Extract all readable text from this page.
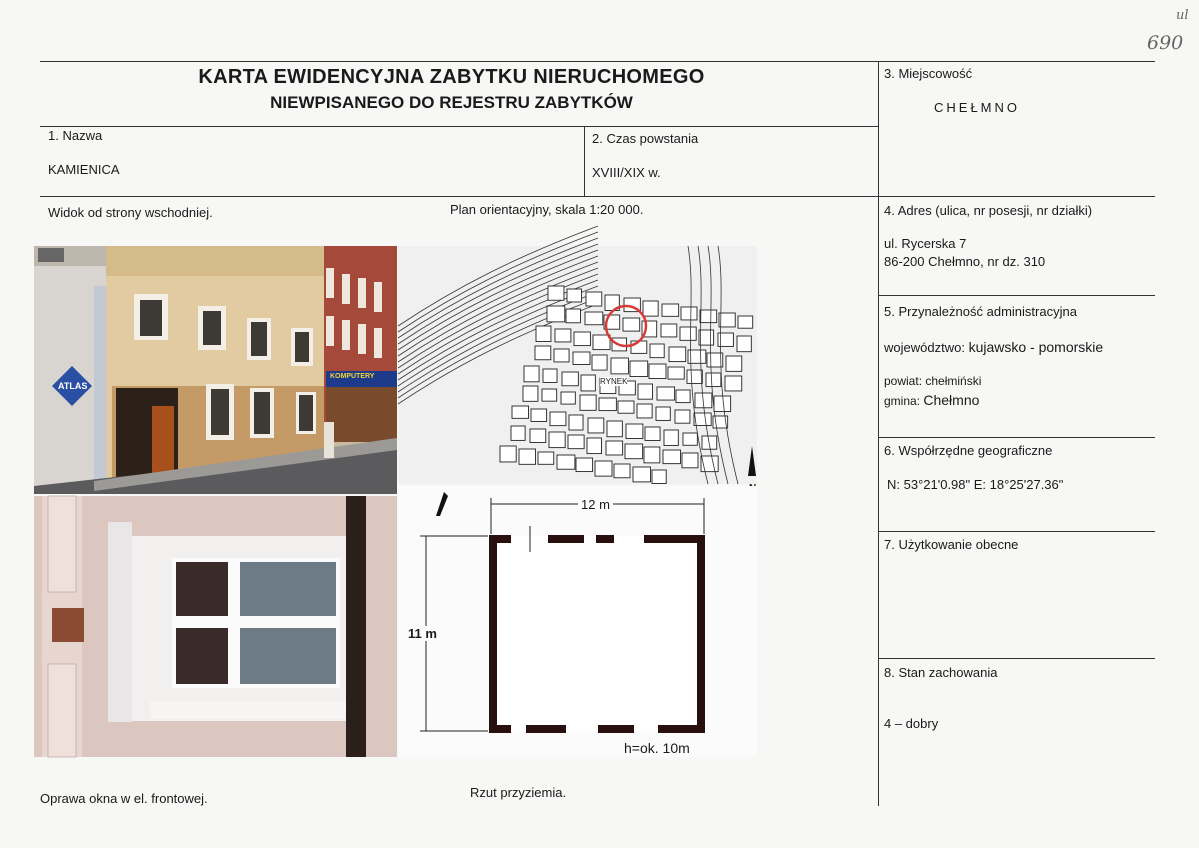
ul
690
KARTA EWIDENCYJNA ZABYTKU NIERUCHOMEGO
NIEWPISANEGO DO REJESTRU ZABYTKÓW
1. Nazwa
KAMIENICA
2. Czas powstania
XVIII/XIX w.
3. Miejscowość
CHEŁMNO
4. Adres (ulica, nr posesji, nr działki)
ul. Rycerska 7
86-200 Chełmno, nr dz. 310
5. Przynależność administracyjna
województwo: kujawsko - pomorskie
powiat: chełmiński
gmina: Chełmno
6. Współrzędne geograficzne
N: 53°21'0.98" E: 18°25'27.36"
7. Użytkowanie obecne
8. Stan zachowania
4 – dobry
Widok od strony wschodniej.	Plan orientacyjny, skala 1:20 000.
Oprawa okna w el. frontowej.	Rzut przyziemia.
ATLAS
KOMPUTERY
RYNEK
12 m
11 m
h=ok. 10m
